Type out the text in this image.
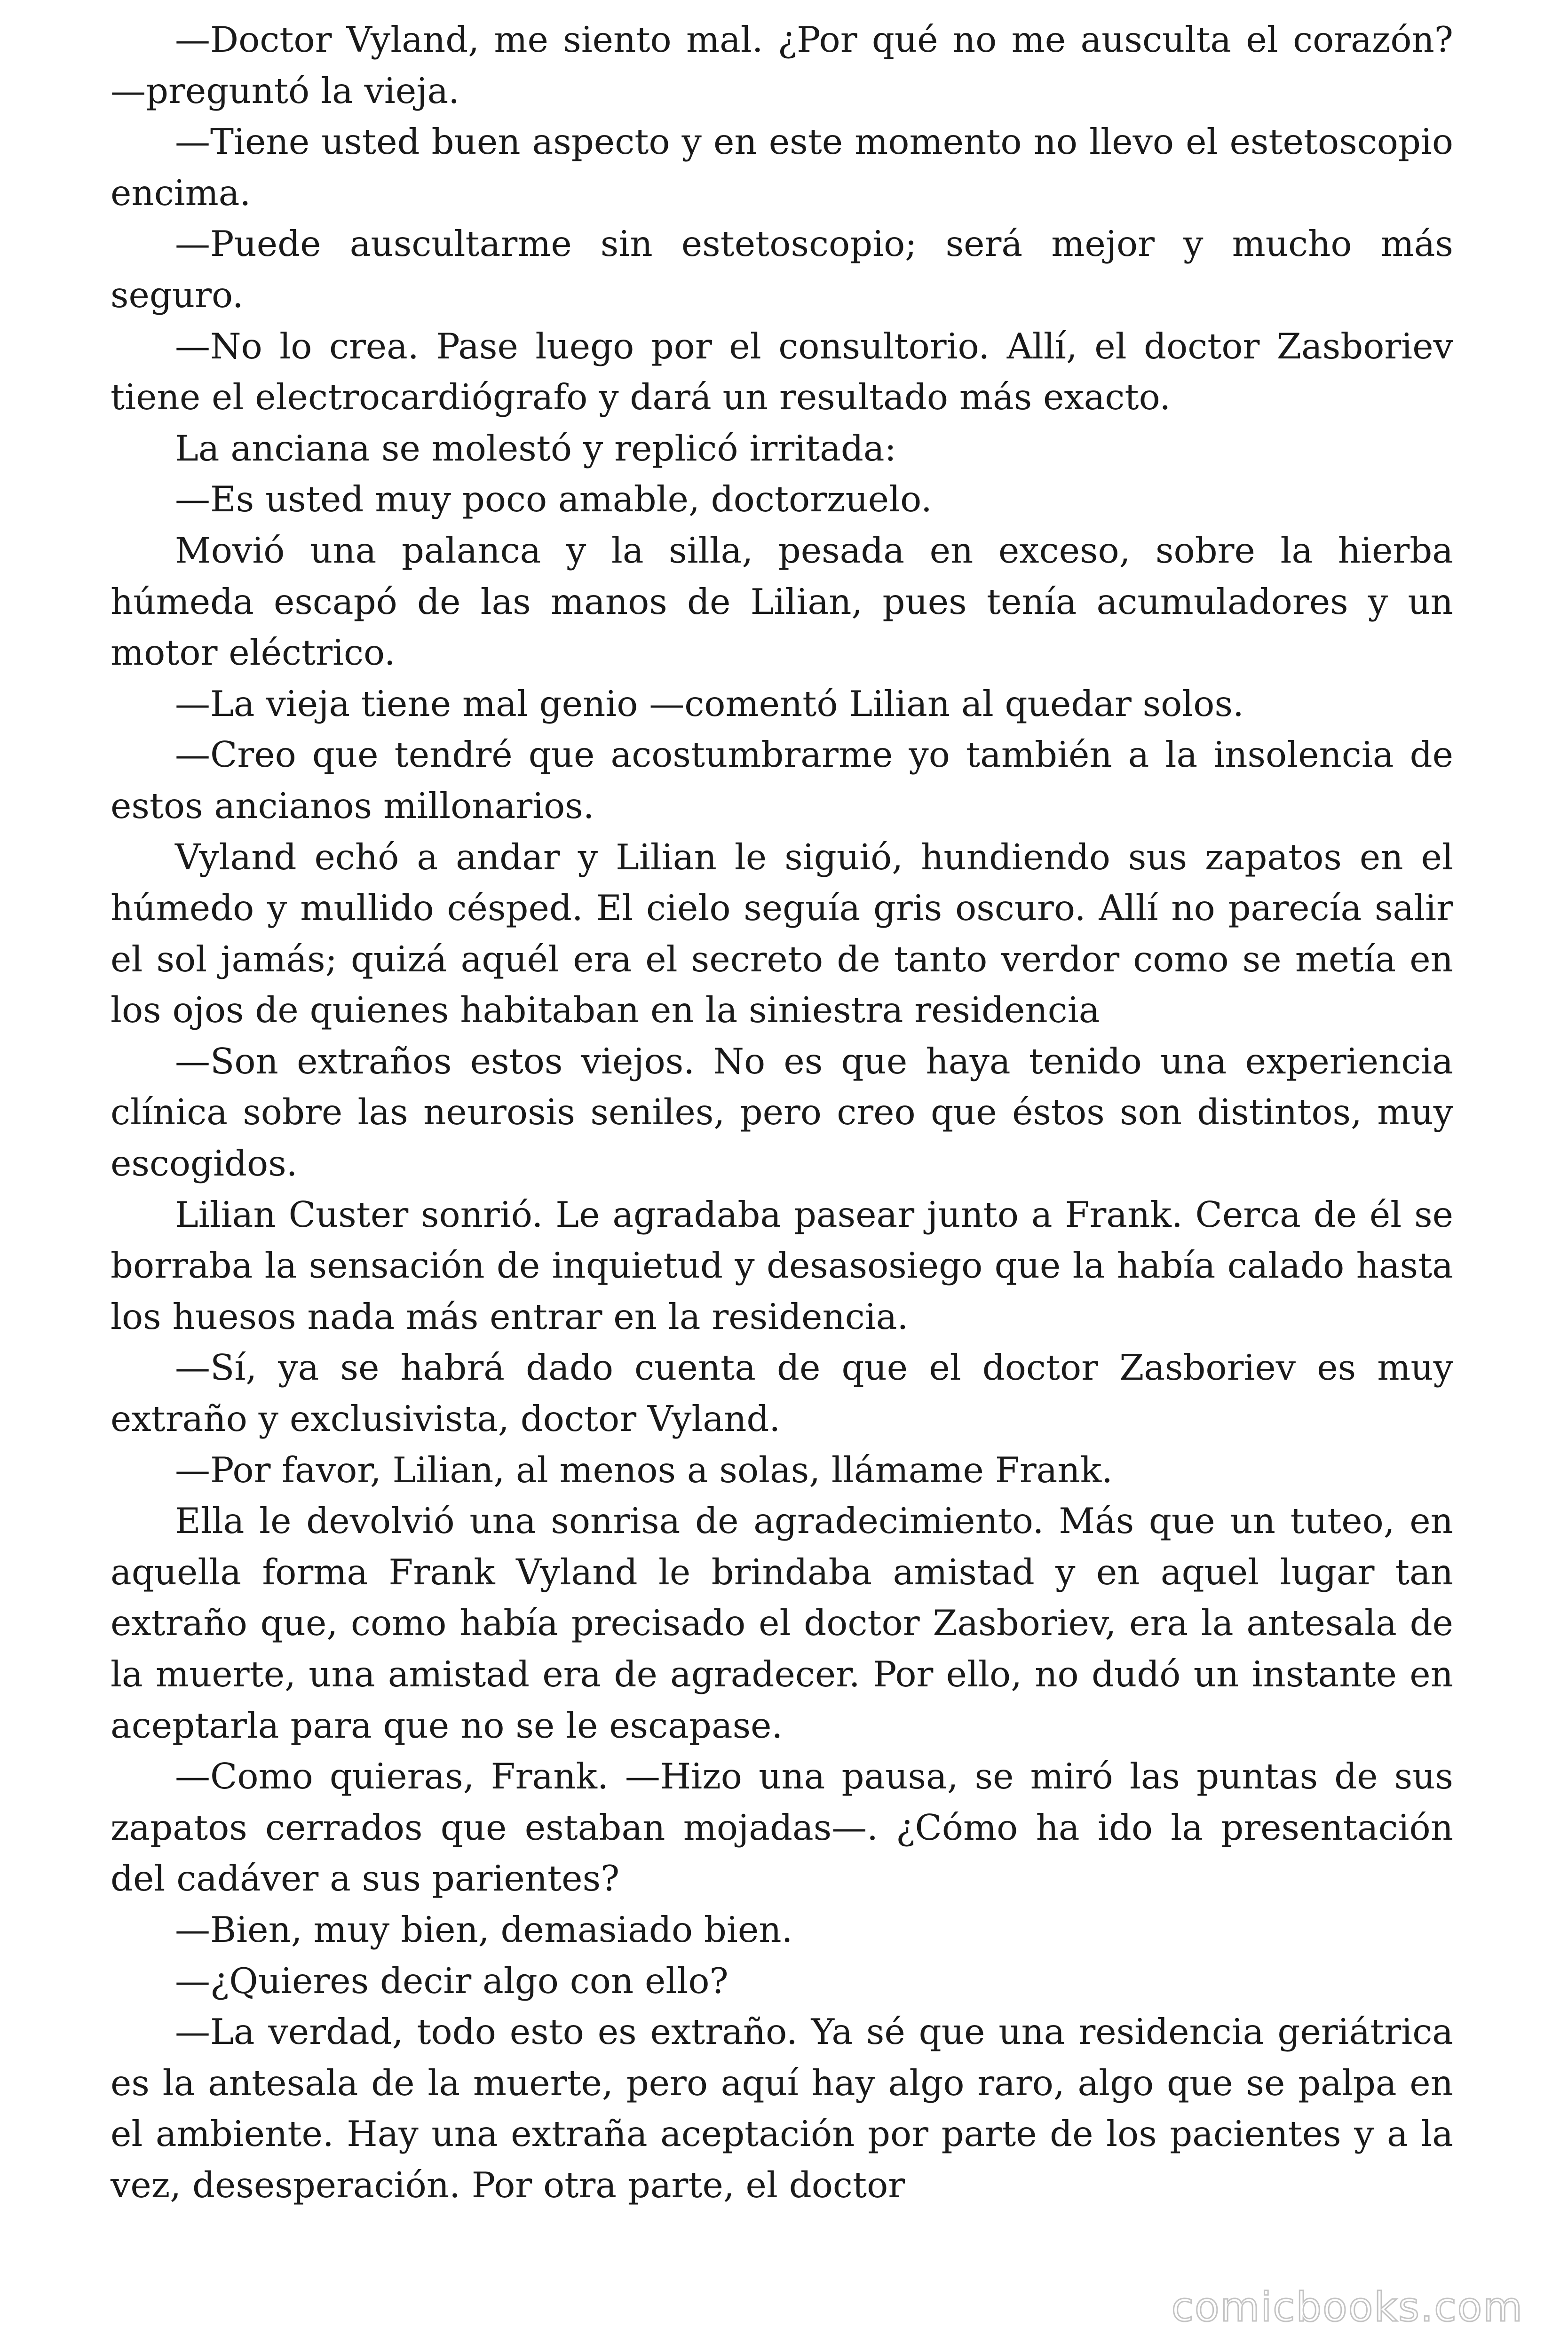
—Doctor Vyland, me siento mal. ¿Por qué no me ausculta el corazón? —preguntó la vieja.

—Tiene usted buen aspecto y en este momento no llevo el estetoscopio encima.

—Puede auscultarme sin estetoscopio; será mejor y mucho más seguro.

—No lo crea. Pase luego por el consultorio. Allí, el doctor Zasboriev tiene el electrocardiógrafo y dará un resultado más exacto.

La anciana se molestó y replicó irritada:

—Es usted muy poco amable, doctorzuelo.

Movió una palanca y la silla, pesada en exceso, sobre la hierba húmeda escapó de las manos de Lilian, pues tenía acumuladores y un motor eléctrico.

—La vieja tiene mal genio —comentó Lilian al quedar solos.

—Creo que tendré que acostumbrarme yo también a la insolencia de estos ancianos millonarios.

Vyland echó a andar y Lilian le siguió, hundiendo sus zapatos en el húmedo y mullido césped. El cielo seguía gris oscuro. Allí no parecía salir el sol jamás; quizá aquél era el secreto de tanto verdor como se metía en los ojos de quienes habitaban en la siniestra residencia

—Son extraños estos viejos. No es que haya tenido una experiencia clínica sobre las neurosis seniles, pero creo que éstos son distintos, muy escogidos.

Lilian Custer sonrió. Le agradaba pasear junto a Frank. Cerca de él se borraba la sensación de inquietud y desasosiego que la había calado hasta los huesos nada más entrar en la residencia.

—Sí, ya se habrá dado cuenta de que el doctor Zasboriev es muy extraño y exclusivista, doctor Vyland.

—Por favor, Lilian, al menos a solas, llámame Frank.

Ella le devolvió una sonrisa de agradecimiento. Más que un tuteo, en aquella forma Frank Vyland le brindaba amistad y en aquel lugar tan extraño que, como había precisado el doctor Zasboriev, era la antesala de la muerte, una amistad era de agradecer. Por ello, no dudó un instante en aceptarla para que no se le escapase.

—Como quieras, Frank. —Hizo una pausa, se miró las puntas de sus zapatos cerrados que estaban mojadas—. ¿Cómo ha ido la presentación del cadáver a sus parientes?

—Bien, muy bien, demasiado bien.

—¿Quieres decir algo con ello?

—La verdad, todo esto es extraño. Ya sé que una residencia geriátrica es la antesala de la muerte, pero aquí hay algo raro, algo que se palpa en el ambiente. Hay una extraña aceptación por parte de los pacientes y a la vez, desesperación. Por otra parte, el doctor

comicbooks.com
